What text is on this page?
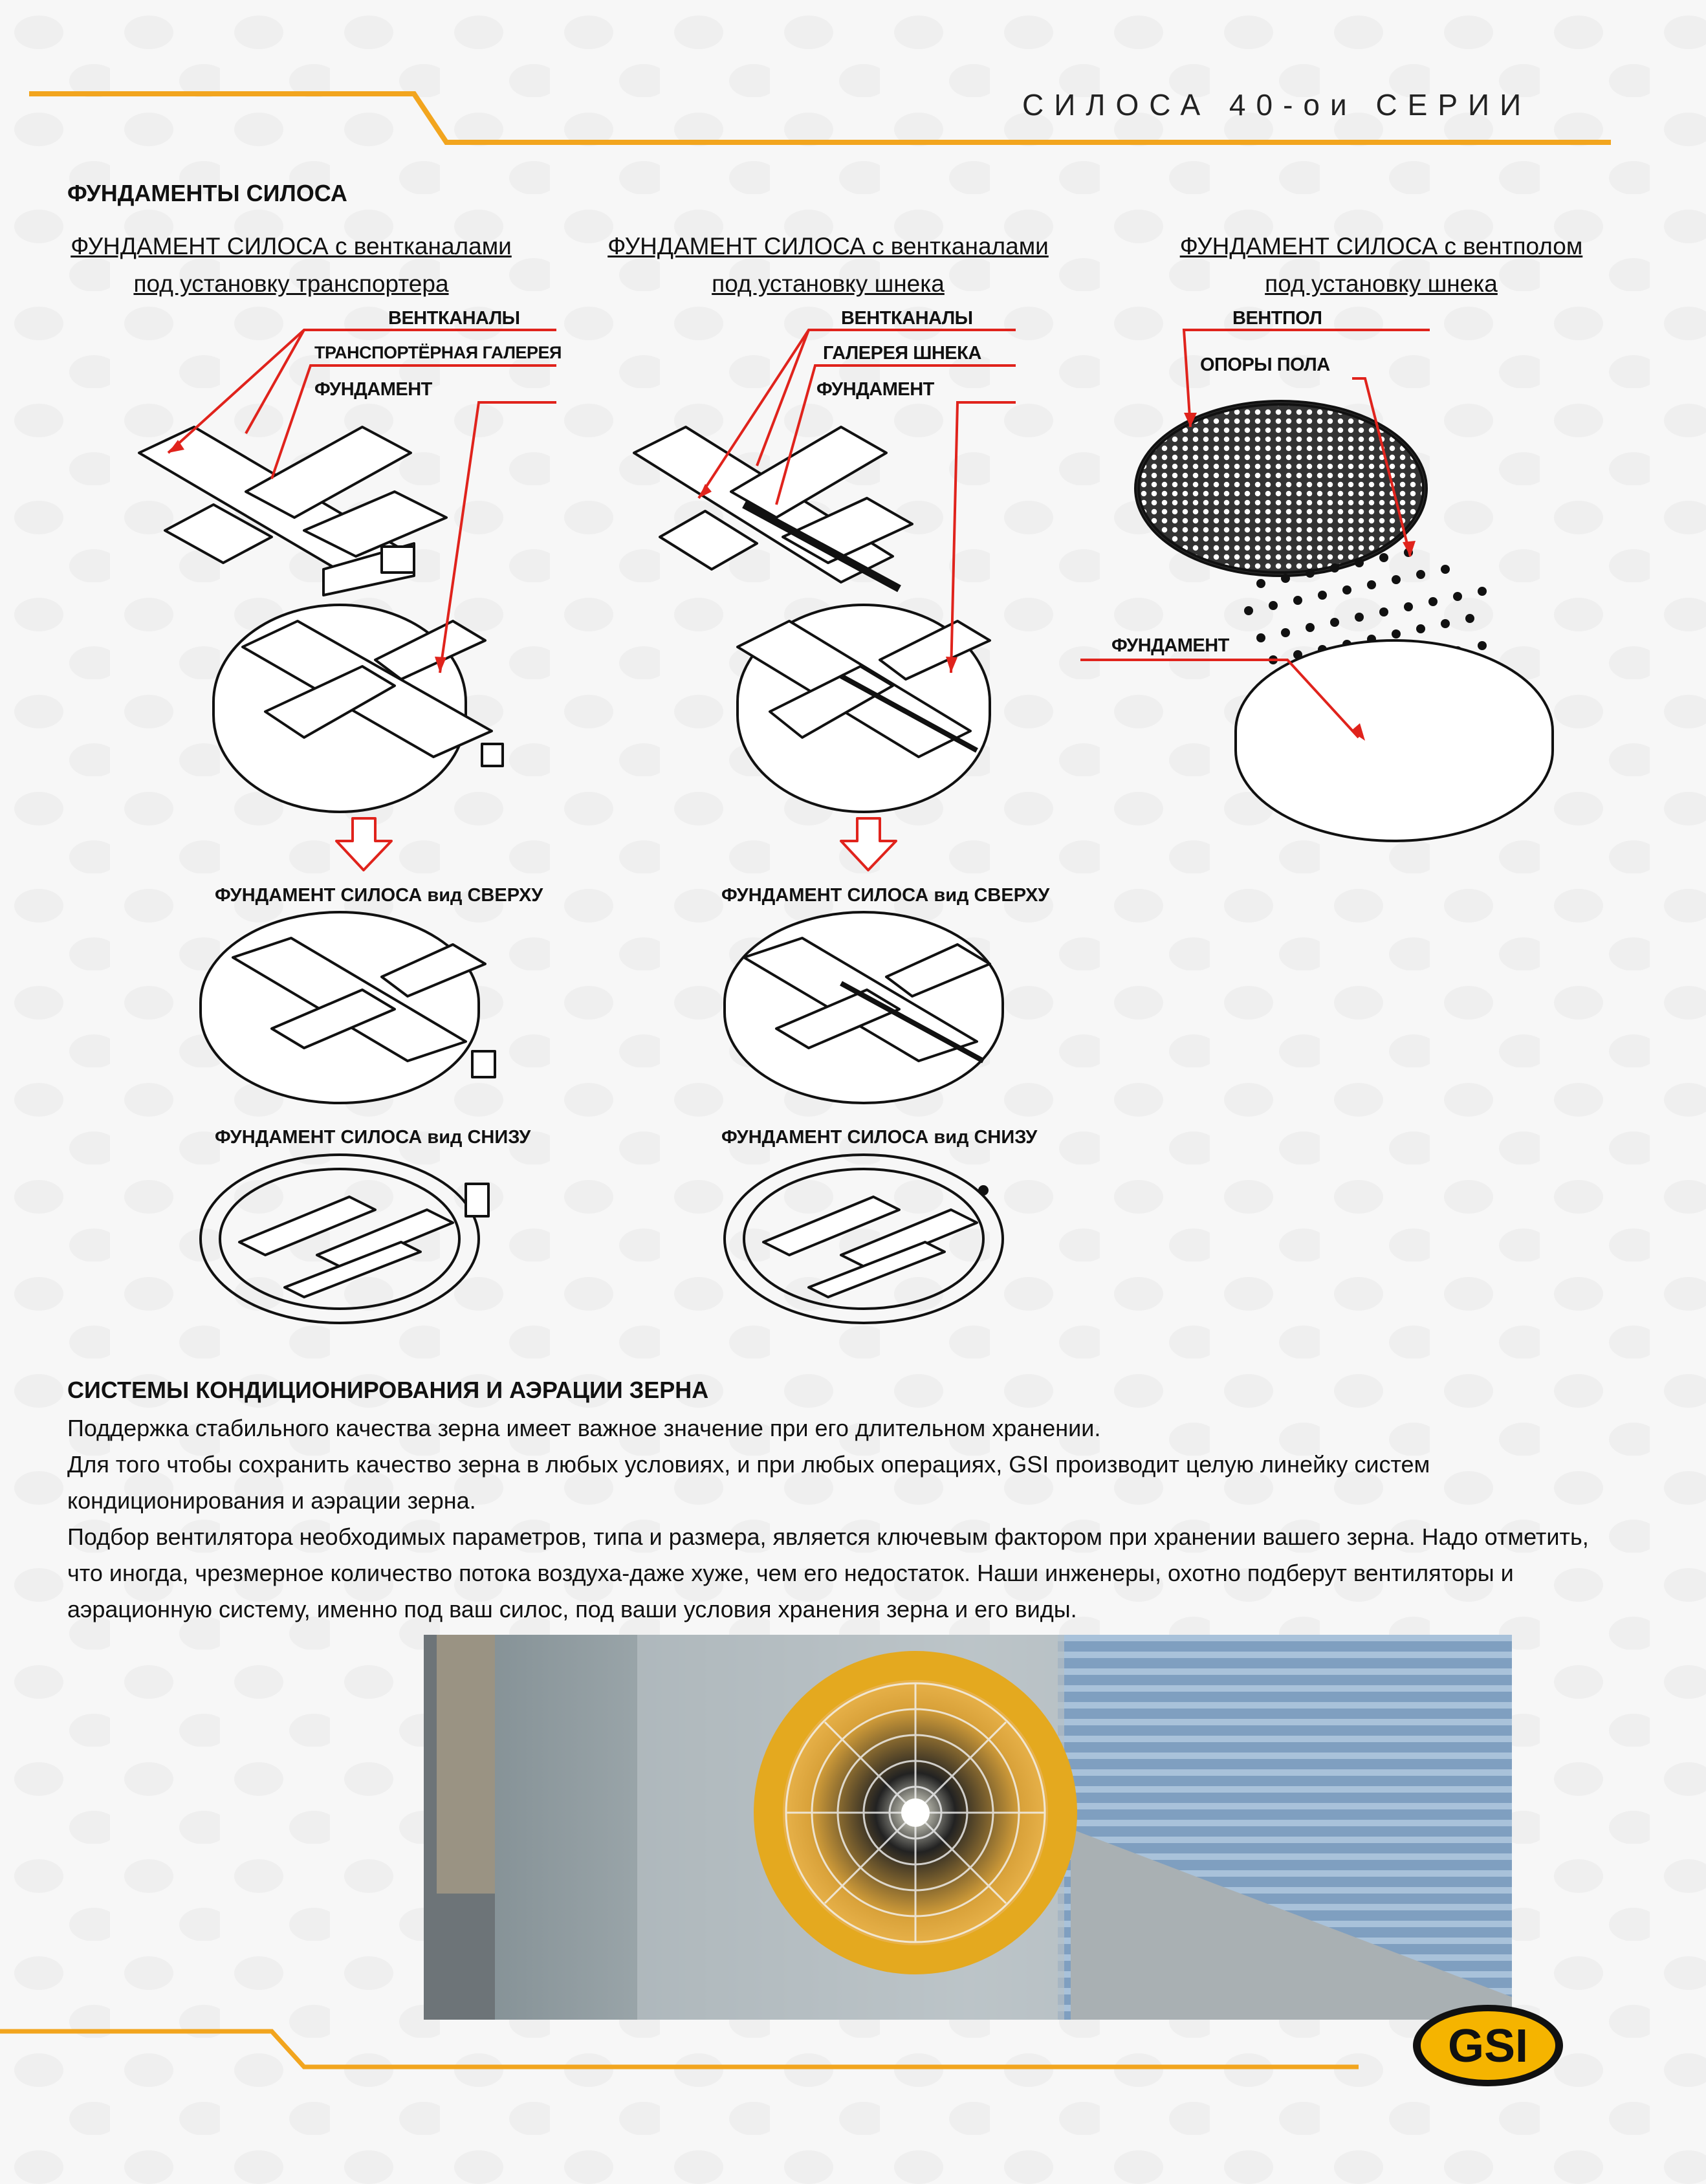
СИЛОСА 40-ои СЕРИИ
ФУНДАМЕНТЫ СИЛОСА
ФУНДАМЕНТ СИЛОСА с вентканалами
под установку транспортера
ФУНДАМЕНТ СИЛОСА с вентканалами
под установку шнека
ФУНДАМЕНТ СИЛОСА с вентполом
под установку шнека
ВЕНТКАНАЛЫ
ТРАНСПОРТЁРНАЯ ГАЛЕРЕЯ
ФУНДАМЕНТ
ВЕНТКАНАЛЫ
ГАЛЕРЕЯ ШНЕКА
ФУНДАМЕНТ
ВЕНТПОЛ
ОПОРЫ ПОЛА
ФУНДАМЕНТ
ФУНДАМЕНТ СИЛОСА вид СВЕРХУ	ФУНДАМЕНТ СИЛОСА вид СВЕРХУ
ФУНДАМЕНТ СИЛОСА вид СНИЗУ	ФУНДАМЕНТ СИЛОСА вид СНИЗУ
СИСТЕМЫ КОНДИЦИОНИРОВАНИЯ И АЭРАЦИИ ЗЕРНА

Поддержка стабильного качества зерна имеет важное значение при его длительном хранении.

Для того чтобы сохранить качество зерна в любых условиях, и при любых операциях, GSI производит целую линейку систем кондиционирования и аэрации зерна.

Подбор вентилятора необходимых параметров, типа и размера, является ключевым фактором при хранении вашего зерна. Надо отметить, что иногда, чрезмерное количество потока воздуха-даже хуже, чем его недостаток. Наши инженеры, охотно подберут вентиляторы и аэрационную систему, именно под ваш силос, под ваши условия хранения зерна и его виды.

GSI
